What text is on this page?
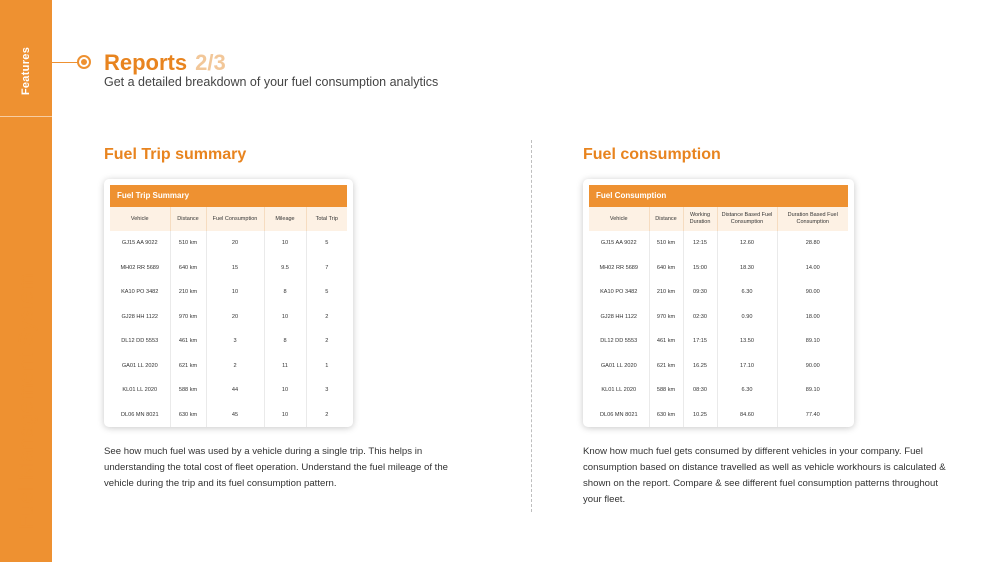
Features
Fuel Management System
Reports 2/3
Get a detailed breakdown of your fuel consumption analytics
Fuel Trip summary
Fuel Trip Summary
Vehicle	Distance	Fuel Consumption	Mileage	Total Trip
GJ15 AA 9022	510 km	20	10	5
MH02 RR 5689	640 km	15	9.5	7
KA10 PO 3482	210 km	10	8	5
GJ28 HH 1122	970 km	20	10	2
DL12 DD 5553	461 km	3	8	2
GA01 LL 2020	621 km	2	11	1
KL01 LL 2020	588 km	44	10	3
DL06 MN 8021	630 km	45	10	2
See how much fuel was used by a vehicle during a single trip. This helps in understanding the total cost of fleet operation. Understand the fuel mileage of the vehicle during the trip and its fuel consumption pattern.
Fuel consumption
Fuel Consumption
Vehicle	Distance	Working Duration	Distance Based Fuel Consumption	Duration Based Fuel Consumption
GJ15 AA 9022	510 km	12:15	12.60	28.80
MH02 RR 5689	640 km	15:00	18.30	14.00
KA10 PO 3482	210 km	09:30	6.30	90.00
GJ28 HH 1122	970 km	02:30	0.90	18.00
DL12 DD 5553	461 km	17:15	13.50	89.10
GA01 LL 2020	621 km	16.25	17.10	90.00
KL01 LL 2020	588 km	08:30	6.30	89.10
DL06 MN 8021	630 km	10.25	84.60	77.40
Know how much fuel gets consumed by different vehicles in your company. Fuel consumption based on distance travelled as well as vehicle workhours is calculated & shown on the report. Compare & see different fuel consumption patterns throughout your fleet.
